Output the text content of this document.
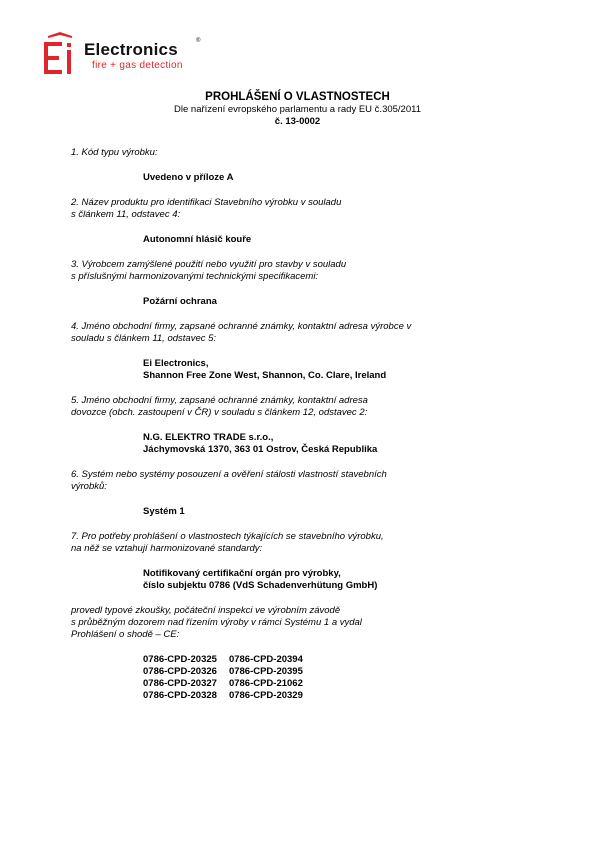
Electronics	®
fire + gas detection

PROHLÁŠENÍ O VLASTNOSTECH

Dle nařízení evropského parlamentu a rady EU č.305/2011

č. 13-0002

1. Kód typu výrobku:

Uvedeno v příloze A

2. Název produktu pro identifikaci Stavebního výrobku v souladu
s článkem 11, odstavec 4:

Autonomní hlásič kouře

3. Výrobcem zamýšlené použití nebo využití pro stavby v souladu
s příslušnými harmonizovanými technickými specifikacemi:

Požární ochrana

4. Jméno obchodní firmy, zapsané ochranné známky, kontaktní adresa výrobce v
souladu s článkem 11, odstavec 5:

Ei Electronics,
Shannon Free Zone West, Shannon, Co. Clare, Ireland

5. Jméno obchodní firmy, zapsané ochranné známky, kontaktní adresa
dovozce (obch. zastoupení v ČR) v souladu s článkem 12, odstavec 2:

N.G. ELEKTRO TRADE s.r.o.,
Jáchymovská 1370, 363 01 Ostrov, Česká Republika

6. Systém nebo systémy posouzení a ověření stálosti vlastností stavebních
výrobků:

Systém 1

7. Pro potřeby prohlášení o vlastnostech týkajících se stavebního výrobku,
na něž se vztahují harmonizované standardy:

Notifikovaný certifikační orgán pro výrobky,
číslo subjektu 0786 (VdS Schadenverhütung GmbH)

provedl typové zkoušky, počáteční inspekci ve výrobním závodě
s průběžným dozorem nad řízením výroby v rámci Systému 1 a vydal
Prohlášení o shodě – CE:

0786-CPD-20325	0786-CPD-20394
0786-CPD-20326	0786-CPD-20395
0786-CPD-20327	0786-CPD-21062
0786-CPD-20328	0786-CPD-20329
